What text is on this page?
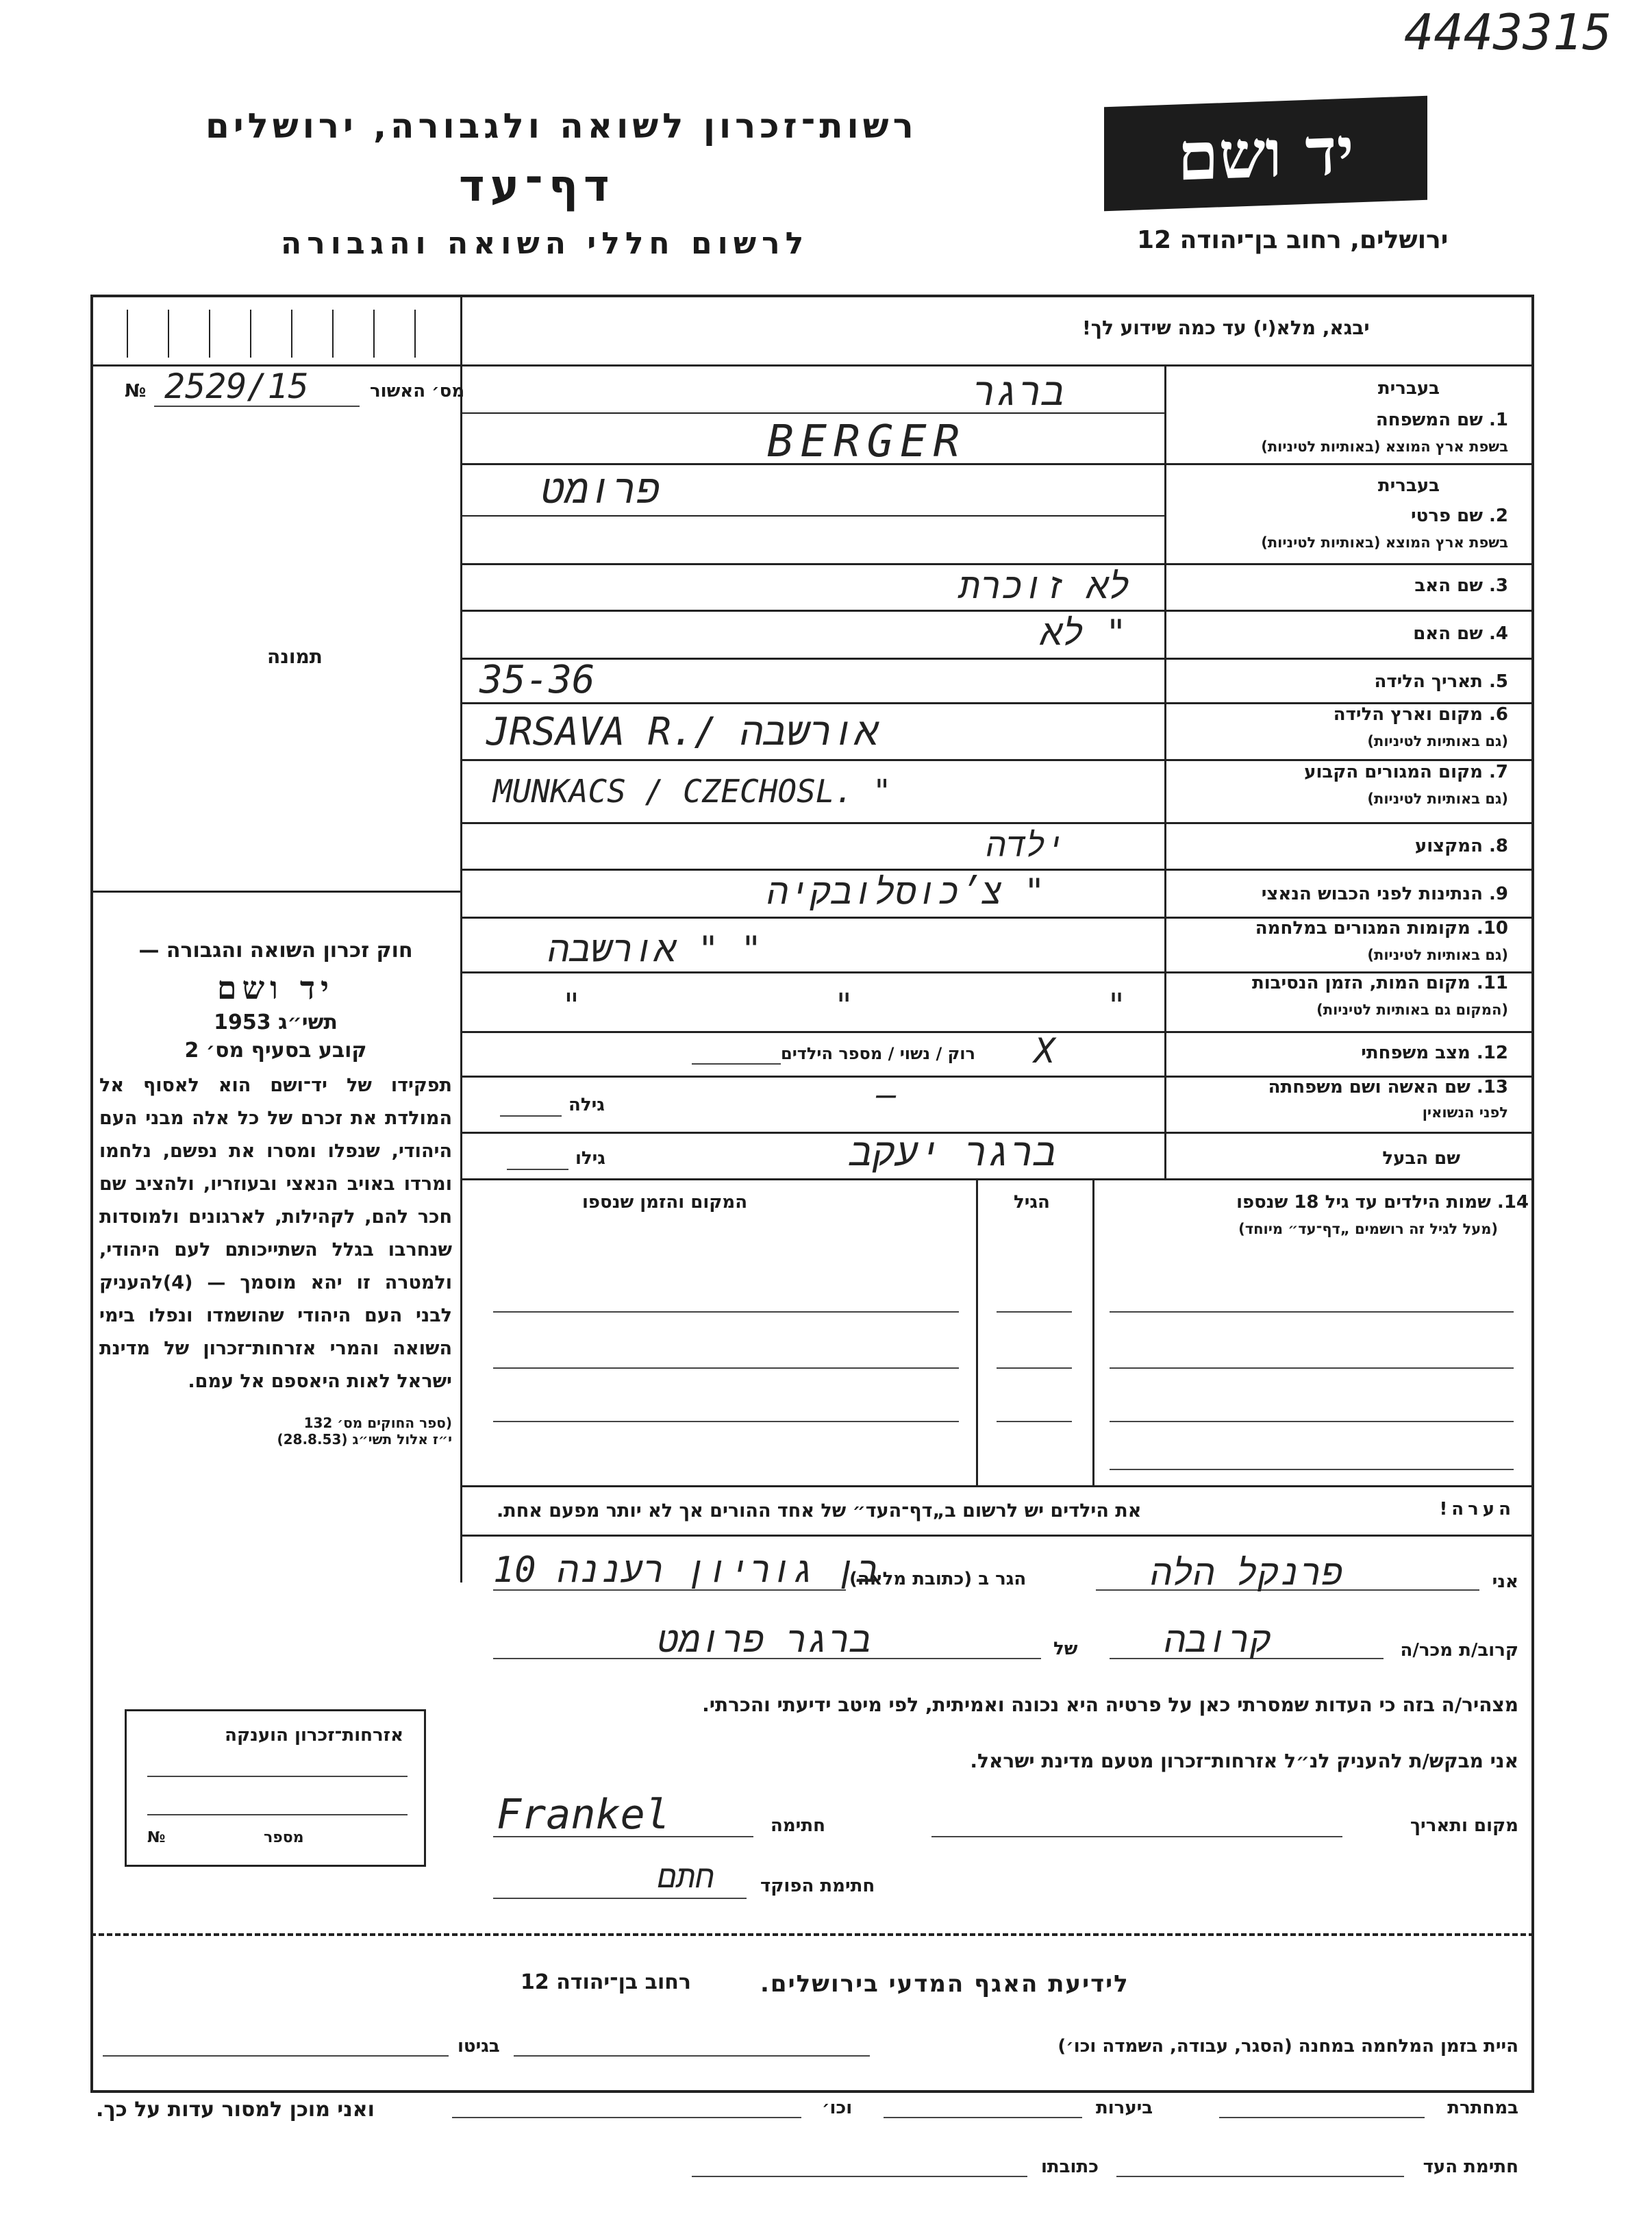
4443315
יד ושם
רשות־זכרון לשואה ולגבורה, ירושלים
דף־עד
לרשום חללי השואה והגבורה	ירושלים, רחוב בן־יהודה 12
יבגא, מלא(י) עד כמה שידוע לך!
מס׳ האשור
№ 2529/15
תמונה
בעברית
1. שם המשפחה
בשפת ארץ המוצא (באותיות לטיניות)
ברגר
BERGER
בעברית
2. שם פרטי
בשפת ארץ המוצא (באותיות לטיניות)
פרומט
3. שם האב
לא זוכרת
4. שם האם
לא "
5. תאריך הלידה
35-36
6. מקום וארץ הלידה
(גם באותיות לטיניות)
JRSAVA R./ אורשבה
7. מקום המגורים הקבוע
(גם באותיות לטיניות)
MUNKACS / CZECHOSL. "
8. המקצוע
ילדה
9. הנתינות לפני הכבוש הנאצי
צ׳כוסלובקיה "
10. מקומות המגורים במלחמה
(גם באותיות לטיניות)
אורשבה " "
11. מקום המות, הזמן הנסיבות
(המקום גם באותיות לטיניות)
" " "
12. מצב משפחתי
רוק / נשוי / מספר הילדים X
13. שם האשה ושם משפחתה
לפני הנשואין
גילה	—
שם הבעל
גילו	ברגר יעקב
14. שמות הילדים עד גיל 18 שנספו
(מעל לגיל זה רושמים „דף־עד״ מיוחד)
הגיל
המקום והזמן שנספו
הערה!
את הילדים יש לרשום ב„דף־העד״ של אחד ההורים אך לא יותר מפעם אחת.

חוק זכרון השואה והגבורה —

יד ושם

תשי״ג 1953

קובע בסעיף מס׳ 2

תפקידו של יד־ושם הוא לאסוף אל המולדת את זכרם של כל אלה מבני העם היהודי, שנפלו ומסרו את נפשם, נלחמו ומרדו באויב הנאצי ובעוזריו, ולהציב שם חכר להם, לקהילות, לארגונים ולמוסדות שנחרבו בגלל השתייכותם לעם היהודי, ולמטרה זו יהא מוסמך — (4)להעניק לבני העם היהודי שהושמדו ונפלו בימי השואה והמרי אזרחות־זכרון של מדינת ישראל לאות היאספם אל עמם.

(ספר החוקים מס׳ 132

י״ז אלול תשי״ג (28.8.53)

אני
פרנקל הלה
הגר ב (כתובת מלאה)
בן גוריון רעננה 10
קרוב/ת מכר/ה
קרובה
של
ברגר פרומט
מצהיר/ה בזה כי העדות שמסרתי כאן על פרטיה היא נכונה ואמיתית, לפי מיטב ידיעתי והכרתי.
אני מבקש/ת להעניק לנ״ל אזרחות־זכרון מטעם מדינת ישראל.
מקום ותאריך
חתימה
Frankel
חתימת הפוקד
חתם
אזרחות־זכרון הוענקה
מספר
№
לידיעת האגף המדעי בירושלים.
רחוב בן־יהודה 12
היית בזמן המלחמה במחנה (הסגר, עבודה, השמדה וכו׳)
בגיטו
במחתרת
ביערות
וכו׳
ואני מוכן למסור עדות על כך.
חתימת העד
כתובתו
